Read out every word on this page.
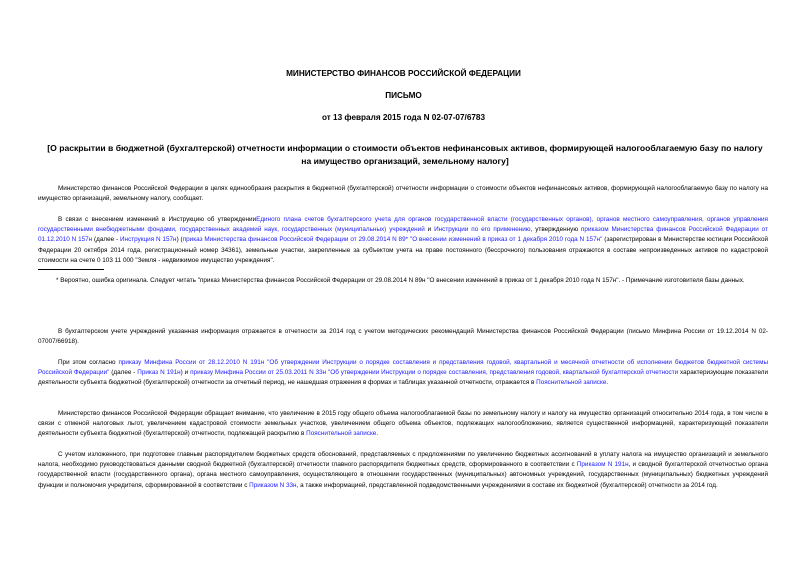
МИНИСТЕРСТВО ФИНАНСОВ РОССИЙСКОЙ ФЕДЕРАЦИИ
ПИСЬМО
от 13 февраля 2015 года N 02-07-07/6783
[О раскрытии в бюджетной (бухгалтерской) отчетности информации о стоимости объектов нефинансовых активов, формирующей налогооблагаемую базу по налогу на имущество организаций, земельному налогу]

Министерство финансов Российской Федерации в целях единообразия раскрытия в бюджетной (бухгалтерской) отчетности информации о стоимости объектов нефинансовых активов, формирующей налогооблагаемую базу по налогу на имущество организаций, земельному налогу, сообщает.

В связи с внесением изменений в Инструкцию об утвержденииЕдиного плана счетов бухгалтерского учета для органов государственной власти (государственных органов), органов местного самоуправления, органов управления государственными внебюджетными фондами, государственных академий наук, государственных (муниципальных) учреждений и Инструкции по его применению, утвержденную приказом Министерства финансов Российской Федерации от 01.12.2010 N 157н (далее - Инструкция N 157н) (приказ Министерства финансов Российской Федерации от 29.08.2014 N 89* "О внесении изменений в приказ от 1 декабря 2010 года N 157н" (зарегистрирован в Министерстве юстиции Российской Федерации 20 октября 2014 года, регистрационный номер 34361), земельные участки, закрепленные за субъектом учета на праве постоянного (бессрочного) пользования отражаются в составе непроизведенных активов по кадастровой стоимости на счете 0 103 11 000 "Земля - недвижимое имущество учреждения".

* Вероятно, ошибка оригинала. Следует читать "приказ Министерства финансов Российской Федерации от 29.08.2014 N 89н "О внесении изменений в приказ от 1 декабря 2010 года N 157н". - Примечание изготовителя базы данных.

В бухгалтерском учете учреждений указанная информация отражается в отчетности за 2014 год с учетом методических рекомендаций Министерства финансов Российской Федерации (письмо Минфина России от 19.12.2014 N 02-07007/66918).

При этом согласно приказу Минфина России от 28.12.2010 N 191н "Об утверждении Инструкции о порядке составления и представления годовой, квартальной и месячной отчетности об исполнении бюджетов бюджетной системы Российской Федерации" (далее - Приказ N 191н) и приказу Минфина России от 25.03.2011 N 33н "Об утверждении Инструкции о порядке составления, представления годовой, квартальной бухгалтерской отчетности характеризующие показатели деятельности субъекта бюджетной (бухгалтерской) отчетности за отчетный период, не нашедшая отражения в формах и таблицах указанной отчетности, отражается в Пояснительной записке.

Министерство финансов Российской Федерации обращает внимание, что увеличение в 2015 году общего объема налогооблагаемой базы по земельному налогу и налогу на имущество организаций относительно 2014 года, в том числе в связи с отменой налоговых льгот, увеличением кадастровой стоимости земельных участков, увеличением общего объема объектов, подлежащих налогообложению, является существенной информацией, характеризующей показатели деятельности субъекта бюджетной (бухгалтерской) отчетности, подлежащей раскрытию в Пояснительной записке.

С учетом изложенного, при подготовке главным распорядителем бюджетных средств обоснований, представляемых с предложениями по увеличению бюджетных ассигнований в уплату налога на имущество организаций и земельного налога, необходимо руководствоваться данными сводной бюджетной (бухгалтерской) отчетности главного распорядителя бюджетных средств, сформированного в соответствии с Приказом N 191н, и сводной бухгалтерской отчетностью органа государственной власти (государственного органа), органа местного самоуправления, осуществляющего в отношении государственных (муниципальных) автономных учреждений, государственных (муниципальных) бюджетных учреждений функции и полномочия учредителя, сформированной в соответствии с Приказом N 33н, а также информацией, представленной подведомственными учреждениями в составе их бюджетной (бухгалтерской) отчетности за 2014 год.
